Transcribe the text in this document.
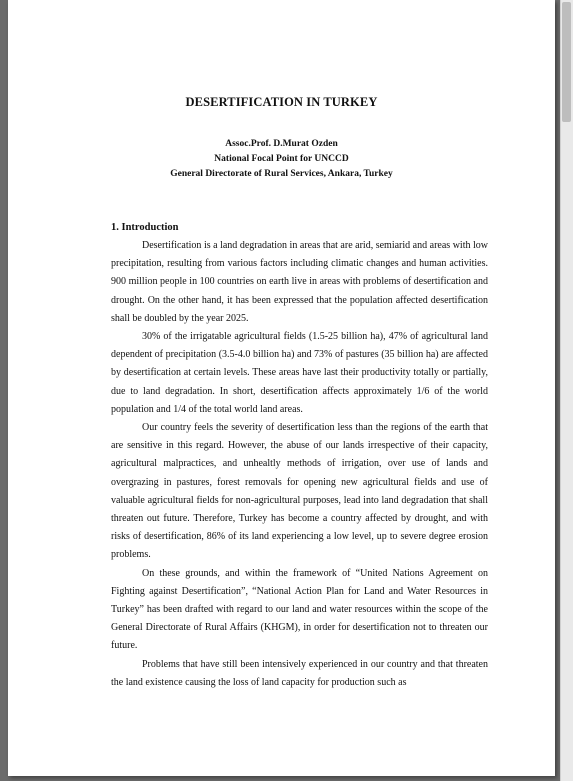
DESERTIFICATION IN TURKEY
Assoc.Prof. D.Murat Ozden
National Focal Point for UNCCD
General Directorate of Rural Services, Ankara, Turkey
1. Introduction

Desertification is a land degradation in areas that are arid, semiarid and areas with low precipitation, resulting from various factors including climatic changes and human activities. 900 million people in 100 countries on earth live in areas with problems of desertification and drought. On the other hand, it has been expressed that the population affected desertification shall be doubled by the year 2025.

30% of the irrigatable agricultural fields (1.5-25 billion ha), 47% of agricultural land dependent of precipitation (3.5-4.0 billion ha) and 73% of pastures (35 billion ha) are affected by desertification at certain levels. These areas have last their productivity totally or partially, due to land degradation. In short, desertification affects approximately 1/6 of the world population and 1/4 of the total world land areas.

Our country feels the severity of desertification less than the regions of the earth that are sensitive in this regard. However, the abuse of our lands irrespective of their capacity, agricultural malpractices, and unhealtly methods of irrigation, over use of lands and overgrazing in pastures, forest removals for opening new agricultural fields and use of valuable agricultural fields for non-agricultural purposes, lead into land degradation that shall threaten out future. Therefore, Turkey has become a country affected by drought, and with risks of desertification, 86% of its land experiencing a low level, up to severe degree erosion problems.

On these grounds, and within the framework of “United Nations Agreement on Fighting against Desertification”, “National Action Plan for Land and Water Resources in Turkey” has been drafted with regard to our land and water resources within the scope of the General Directorate of Rural Affairs (KHGM), in order for desertification not to threaten our future.

Problems that have still been intensively experienced in our country and that threaten the land existence causing the loss of land capacity for production such as
